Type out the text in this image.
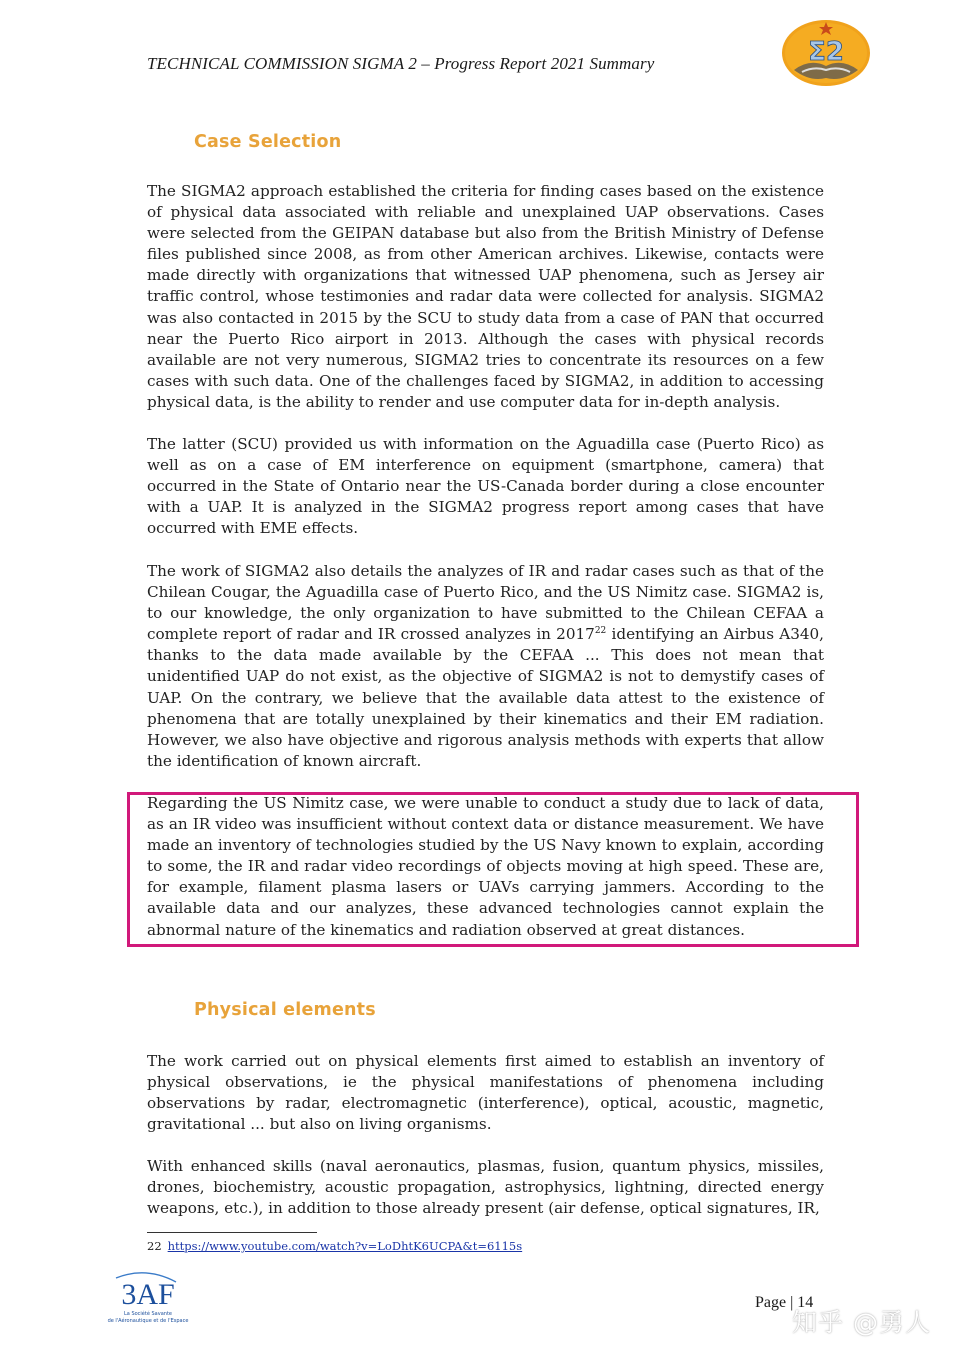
TECHNICAL COMMISSION SIGMA 2 – Progress Report 2021 Summary	Σ2
Case Selection
The SIGMA2 approach established the criteria for finding cases based on the existence of physical data associated with reliable and unexplained UAP observations. Cases were selected from the GEIPAN database but also from the British Ministry of Defense files published since 2008, as from other American archives. Likewise, contacts were made directly with organizations that witnessed UAP phenomena, such as Jersey air traffic control, whose testimonies and radar data were collected for analysis. SIGMA2 was also contacted in 2015 by the SCU to study data from a case of PAN that occurred near the Puerto Rico airport in 2013. Although the cases with physical records available are not very numerous, SIGMA2 tries to concentrate its resources on a few cases with such data. One of the challenges faced by SIGMA2, in addition to accessing physical data, is the ability to render and use computer data for in-depth analysis.
The latter (SCU) provided us with information on the Aguadilla case (Puerto Rico) as well as on a case of EM interference on equipment (smartphone, camera) that occurred in the State of Ontario near the US-Canada border during a close encounter with a UAP. It is analyzed in the SIGMA2 progress report among cases that have occurred with EME effects.
The work of SIGMA2 also details the analyzes of IR and radar cases such as that of the Chilean Cougar, the Aguadilla case of Puerto Rico, and the US Nimitz case. SIGMA2 is, to our knowledge, the only organization to have submitted to the Chilean CEFAA a complete report of radar and IR crossed analyzes in 2017$^{22}$ identifying an Airbus A340, thanks to the data made available by the CEFAA ... This does not mean that unidentified UAP do not exist, as the objective of SIGMA2 is not to demystify cases of UAP. On the contrary, we believe that the available data attest to the existence of phenomena that are totally unexplained by their kinematics and their EM radiation. However, we also have objective and rigorous analysis methods with experts that allow the identification of known aircraft.
Regarding the US Nimitz case, we were unable to conduct a study due to lack of data, as an IR video was insufficient without context data or distance measurement. We have made an inventory of technologies studied by the US Navy known to explain, according to some, the IR and radar video recordings of objects moving at high speed. These are, for example, filament plasma lasers or UAVs carrying jammers. According to the available data and our analyzes, these advanced technologies cannot explain the abnormal nature of the kinematics and radiation observed at great distances.
Physical elements
The work carried out on physical elements first aimed to establish an inventory of physical observations, ie the physical manifestations of phenomena including observations by radar, electromagnetic (interference), optical, acoustic, magnetic, gravitational ... but also on living organisms.
With enhanced skills (naval aeronautics, plasmas, fusion, quantum physics, missiles, drones, biochemistry, acoustic propagation, astrophysics, lightning, directed energy weapons, etc.), in addition to those already present (air defense, optical signatures, IR,
22 https://www.youtube.com/watch?v=LoDhtK6UCPA&t=6115s
3AF
La Société Savante
de l'Aéronautique et de l'Espace
Page | 14
知乎 @勇人
